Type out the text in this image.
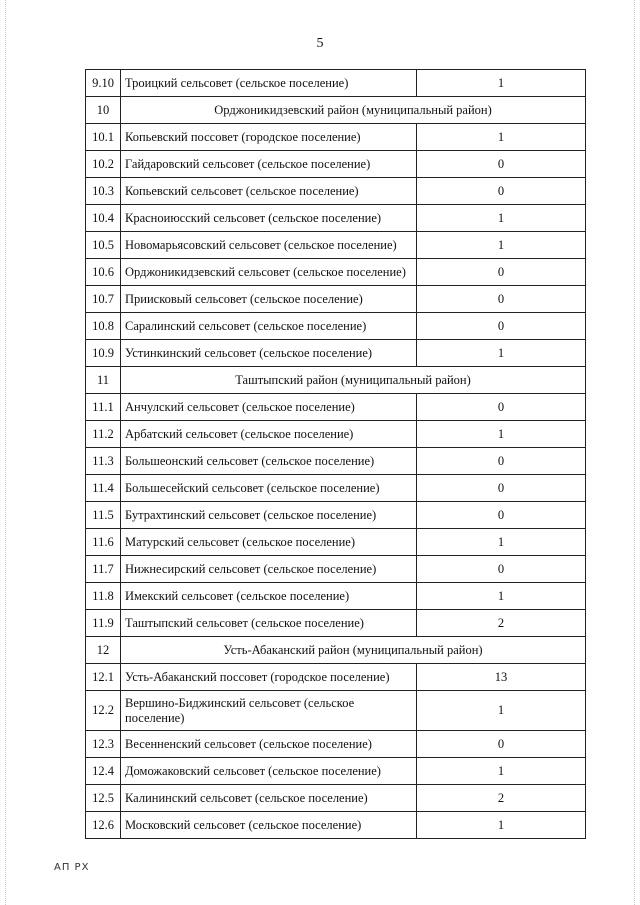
5
9.10	Троицкий сельсовет (сельское поселение)	1
10	Орджоникидзевский район (муниципальный район)	
10.1	Копьевский поссовет (городское поселение)	1
10.2	Гайдаровский сельсовет (сельское поселение)	0
10.3	Копьевский сельсовет (сельское поселение)	0
10.4	Красноиюсский сельсовет (сельское поселение)	1
10.5	Новомарьясовский сельсовет (сельское поселение)	1
10.6	Орджоникидзевский сельсовет (сельское поселение)	0
10.7	Приисковый сельсовет (сельское поселение)	0
10.8	Саралинский сельсовет (сельское поселение)	0
10.9	Устинкинский сельсовет (сельское поселение)	1
11	Таштыпский район (муниципальный район)	
11.1	Анчулский сельсовет (сельское поселение)	0
11.2	Арбатский сельсовет (сельское поселение)	1
11.3	Большеонский сельсовет (сельское поселение)	0
11.4	Большесейский сельсовет (сельское поселение)	0
11.5	Бутрахтинский сельсовет (сельское поселение)	0
11.6	Матурский сельсовет (сельское поселение)	1
11.7	Нижнесирский сельсовет (сельское поселение)	0
11.8	Имекский сельсовет (сельское поселение)	1
11.9	Таштыпский сельсовет (сельское поселение)	2
12	Усть-Абаканский район (муниципальный район)	
12.1	Усть-Абаканский поссовет (городское поселение)	13
12.2	Вершино-Биджинский сельсовет (сельское поселение)	1
12.3	Весенненский сельсовет (сельское поселение)	0
12.4	Доможаковский сельсовет (сельское поселение)	1
12.5	Калининский сельсовет (сельское поселение)	2
12.6	Московский сельсовет (сельское поселение)	1
АП РХ
